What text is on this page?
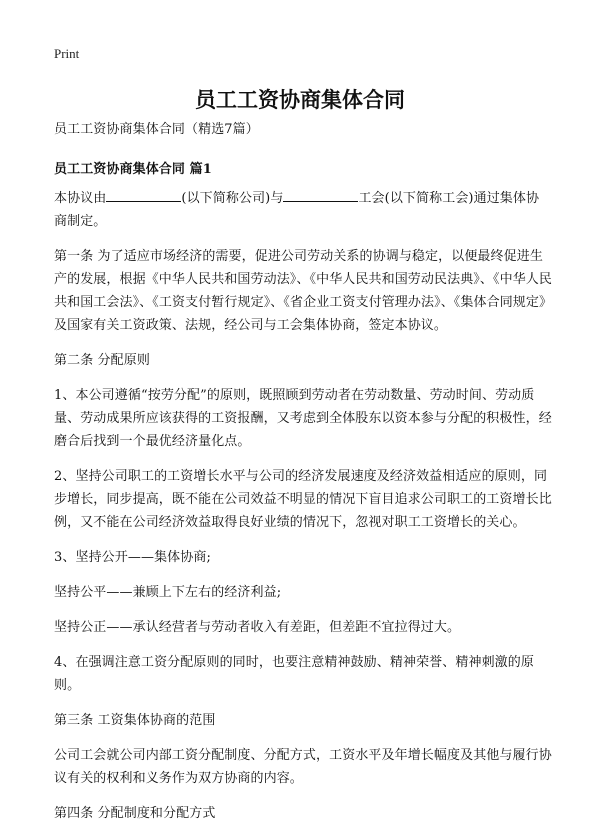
Print
员工工资协商集体合同

员工工资协商集体合同（精选7篇）

员工工资协商集体合同 篇1

本协议由	(以下简称公司)与	工会(以下简称工会)通过集体协商制定。

第一条 为了适应市场经济的需要，促进公司劳动关系的协调与稳定，以便最终促进生产的发展，根据《中华人民共和国劳动法》、《中华人民共和国劳动民法典》、《中华人民共和国工会法》、《工资支付暂行规定》、《省企业工资支付管理办法》、《集体合同规定》及国家有关工资政策、法规，经公司与工会集体协商，签定本协议。

第二条 分配原则

1、本公司遵循“按劳分配”的原则，既照顾到劳动者在劳动数量、劳动时间、劳动质量、劳动成果所应该获得的工资报酬，又考虑到全体股东以资本参与分配的积极性，经磨合后找到一个最优经济量化点。

2、坚持公司职工的工资增长水平与公司的经济发展速度及经济效益相适应的原则，同步增长，同步提高，既不能在公司效益不明显的情况下盲目追求公司职工的工资增长比例，又不能在公司经济效益取得良好业绩的情况下，忽视对职工工资增长的关心。

3、坚持公开——集体协商;

坚持公平——兼顾上下左右的经济利益;

坚持公正——承认经营者与劳动者收入有差距，但差距不宜拉得过大。

4、在强调注意工资分配原则的同时，也要注意精神鼓励、精神荣誉、精神刺激的原则。

第三条 工资集体协商的范围

公司工会就公司内部工资分配制度、分配方式，工资水平及年增长幅度及其他与履行协议有关的权利和义务作为双方协商的内容。

第四条 分配制度和分配方式
